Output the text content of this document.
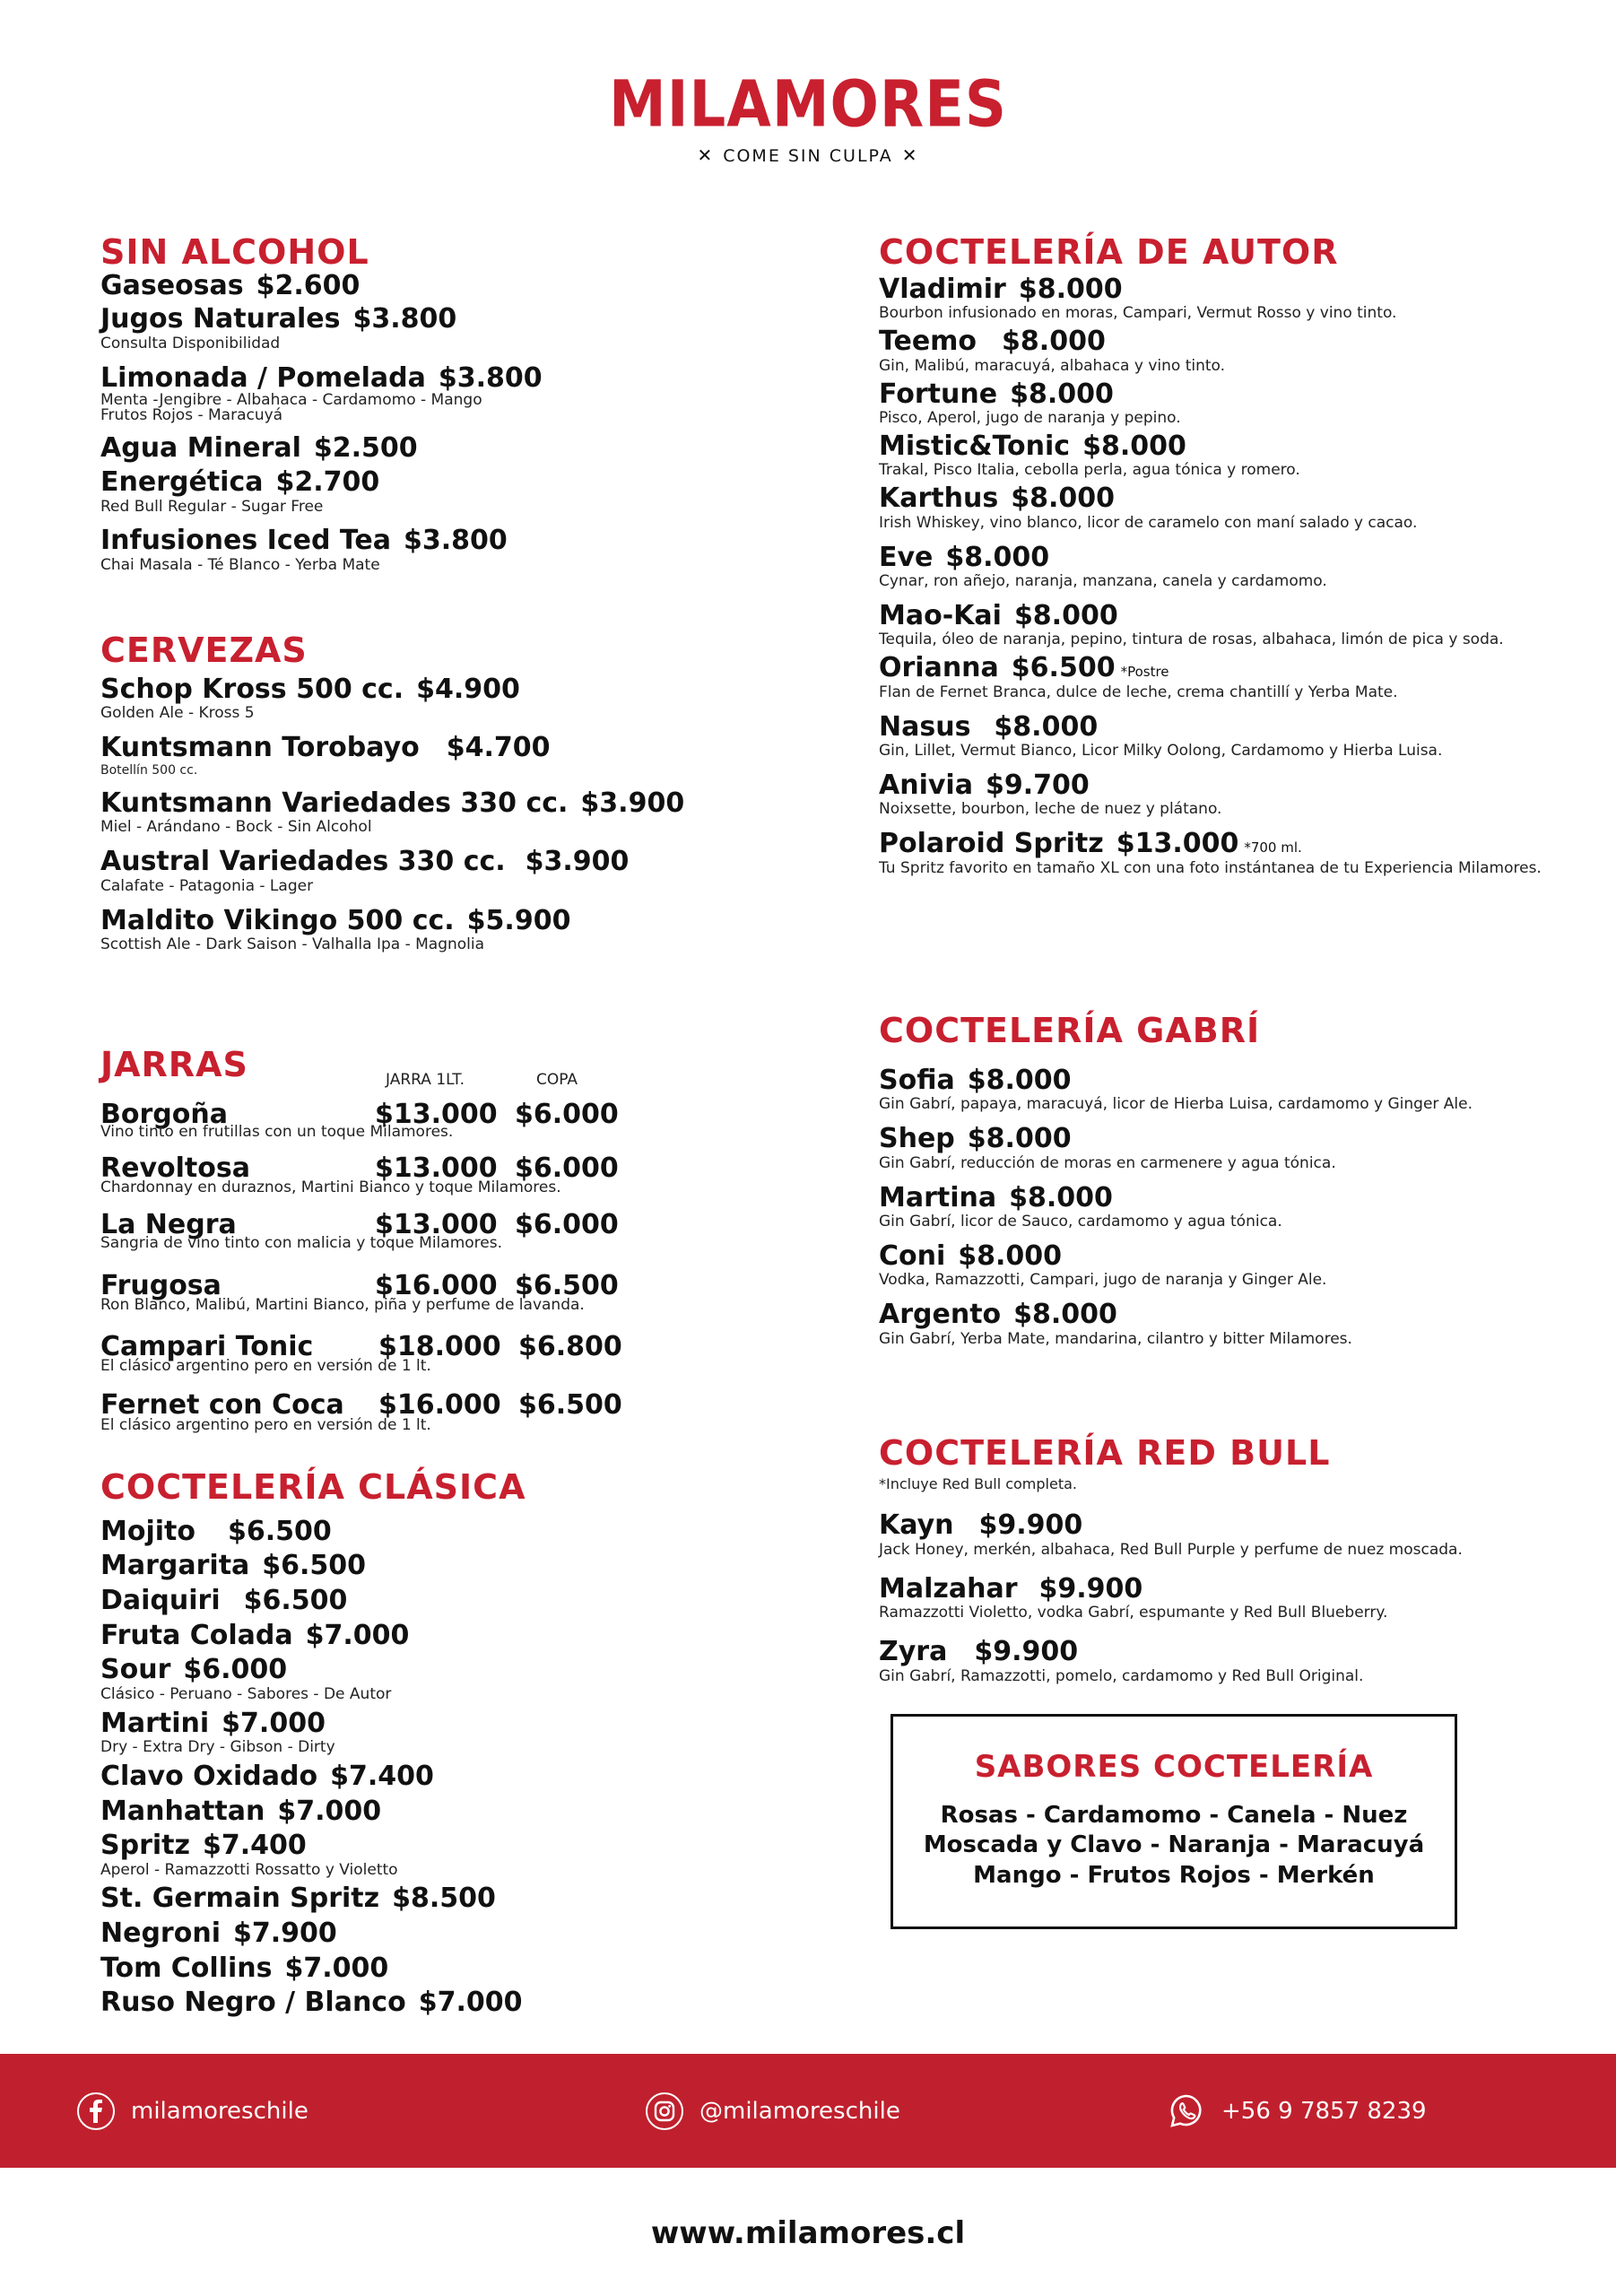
MILAMORES
✕ COME SIN CULPA ✕
SIN ALCOHOL
Gaseosas $2.600
Jugos Naturales $3.800
Consulta Disponibilidad
Limonada / Pomelada $3.800
Menta -Jengibre - Albahaca - Cardamomo - Mango
Frutos Rojos - Maracuyá
Agua Mineral $2.500
Energética $2.700
Red Bull Regular - Sugar Free
Infusiones Iced Tea $3.800
Chai Masala - Té Blanco - Yerba Mate
CERVEZAS
Schop Kross 500 cc. $4.900
Golden Ale - Kross 5
Kuntsmann Torobayo $4.700
Botellín 500 cc.
Kuntsmann Variedades 330 cc. $3.900
Miel - Arándano - Bock - Sin Alcohol
Austral Variedades 330 cc. $3.900
Calafate - Patagonia - Lager
Maldito Vikingo 500 cc. $5.900
Scottish Ale - Dark Saison - Valhalla Ipa - Magnolia
JARRAS	JARRA 1LT.	COPA
Borgoña	$13.000 $6.000
Vino tinto en frutillas con un toque Milamores.
Revoltosa	$13.000 $6.000
Chardonnay en duraznos, Martini Bianco y toque Milamores.
La Negra	$13.000 $6.000
Sangria de vino tinto con malicia y toque Milamores.
Frugosa	$16.000 $6.500
Ron Blanco, Malibú, Martini Bianco, piña y perfume de lavanda.
Campari Tonic	$18.000 $6.800
El clásico argentino pero en versión de 1 lt.
Fernet con Coca	$16.000 $6.500
El clásico argentino pero en versión de 1 lt.
COCTELERÍA CLÁSICA
Mojito $6.500
Margarita $6.500
Daiquiri $6.500
Fruta Colada $7.000
Sour $6.000
Clásico - Peruano - Sabores - De Autor
Martini $7.000
Dry - Extra Dry - Gibson - Dirty
Clavo Oxidado $7.400
Manhattan $7.000
Spritz $7.400
Aperol - Ramazzotti Rossatto y Violetto
St. Germain Spritz $8.500
Negroni $7.900
Tom Collins $7.000
Ruso Negro / Blanco $7.000
COCTELERÍA DE AUTOR
Vladimir $8.000
Bourbon infusionado en moras, Campari, Vermut Rosso y vino tinto.
Teemo $8.000
Gin, Malibú, maracuyá, albahaca y vino tinto.
Fortune $8.000
Pisco, Aperol, jugo de naranja y pepino.
Mistic&Tonic $8.000
Trakal, Pisco Italia, cebolla perla, agua tónica y romero.
Karthus $8.000
Irish Whiskey, vino blanco, licor de caramelo con maní salado y cacao.
Eve $8.000
Cynar, ron añejo, naranja, manzana, canela y cardamomo.
Mao-Kai $8.000
Tequila, óleo de naranja, pepino, tintura de rosas, albahaca, limón de pica y soda.
Orianna $6.500 *Postre
Flan de Fernet Branca, dulce de leche, crema chantillí y Yerba Mate.
Nasus $8.000
Gin, Lillet, Vermut Bianco, Licor Milky Oolong, Cardamomo y Hierba Luisa.
Anivia $9.700
Noixsette, bourbon, leche de nuez y plátano.
Polaroid Spritz $13.000 *700 ml.
Tu Spritz favorito en tamaño XL con una foto instántanea de tu Experiencia Milamores.
COCTELERÍA GABRÍ
Sofia $8.000
Gin Gabrí, papaya, maracuyá, licor de Hierba Luisa, cardamomo y Ginger Ale.
Shep $8.000
Gin Gabrí, reducción de moras en carmenere y agua tónica.
Martina $8.000
Gin Gabrí, licor de Sauco, cardamomo y agua tónica.
Coni $8.000
Vodka, Ramazzotti, Campari, jugo de naranja y Ginger Ale.
Argento $8.000
Gin Gabrí, Yerba Mate, mandarina, cilantro y bitter Milamores.
COCTELERÍA RED BULL
*Incluye Red Bull completa.
Kayn $9.900
Jack Honey, merkén, albahaca, Red Bull Purple y perfume de nuez moscada.
Malzahar $9.900
Ramazzotti Violetto, vodka Gabrí, espumante y Red Bull Blueberry.
Zyra $9.900
Gin Gabrí, Ramazzotti, pomelo, cardamomo y Red Bull Original.
SABORES COCTELERÍA
Rosas - Cardamomo - Canela - Nuez
Moscada y Clavo - Naranja - Maracuyá
Mango - Frutos Rojos - Merkén
milamoreschile	@milamoreschile	+56 9 7857 8239
www.milamores.cl
